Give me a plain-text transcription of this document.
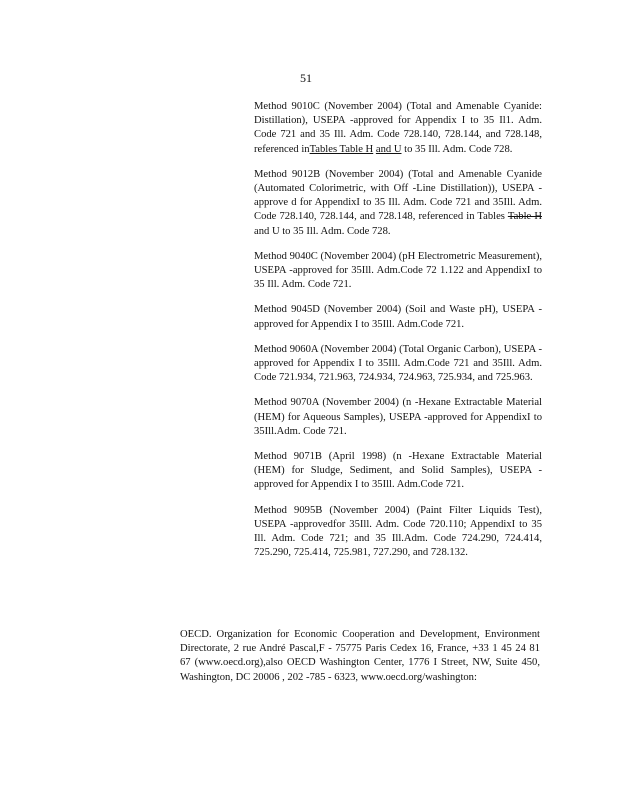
51

Method 9010C (November 2004) (Total and Amenable Cyanide: Distillation), USEPA -approved for Appendix I to 35 Il1. Adm. Code 721 and 35 Ill. Adm. Code 728.140, 728.144, and 728.148, referenced inTables Table H and U to 35 Ill. Adm. Code 728.

Method 9012B (November 2004) (Total and Amenable Cyanide (Automated Colorimetric, with Off -Line Distillation)), USEPA -approve d for AppendixI to 35 Ill. Adm. Code 721 and 35Ill. Adm. Code 728.140, 728.144, and 728.148, referenced in Tables Table H and U to 35 Ill. Adm. Code 728.

Method 9040C (November 2004) (pH Electrometric Measurement), USEPA -approved for 35Ill. Adm.Code 72 1.122 and AppendixI to 35 Ill. Adm. Code 721.

Method 9045D (November 2004) (Soil and Waste pH), USEPA -approved for Appendix I to 35Ill. Adm.Code 721.

Method 9060A (November 2004) (Total Organic Carbon), USEPA -approved for Appendix I to 35Ill. Adm.Code 721 and 35Ill. Adm. Code 721.934, 721.963, 724.934, 724.963, 725.934, and 725.963.

Method 9070A (November 2004) (n -Hexane Extractable Material (HEM) for Aqueous Samples), USEPA -approved for AppendixI to 35Ill.Adm. Code 721.

Method 9071B (April 1998) (n -Hexane Extractable Material (HEM) for Sludge, Sediment, and Solid Samples), USEPA -approved for Appendix I to 35Ill. Adm.Code 721.

Method 9095B (November 2004) (Paint Filter Liquids Test), USEPA -approvedfor 35Ill. Adm. Code 720.110; AppendixI to 35 Ill. Adm. Code 721; and 35 Ill.Adm. Code 724.290, 724.414, 725.290, 725.414, 725.981, 727.290, and 728.132.

OECD. Organization for Economic Cooperation and Development, Environment Directorate, 2 rue André Pascal,F - 75775 Paris Cedex 16, France, +33 1 45 24 81 67 (www.oecd.org),also OECD Washington Center, 1776 I Street, NW, Suite 450, Washington, DC 20006 , 202 -785 - 6323, www.oecd.org/washington:
